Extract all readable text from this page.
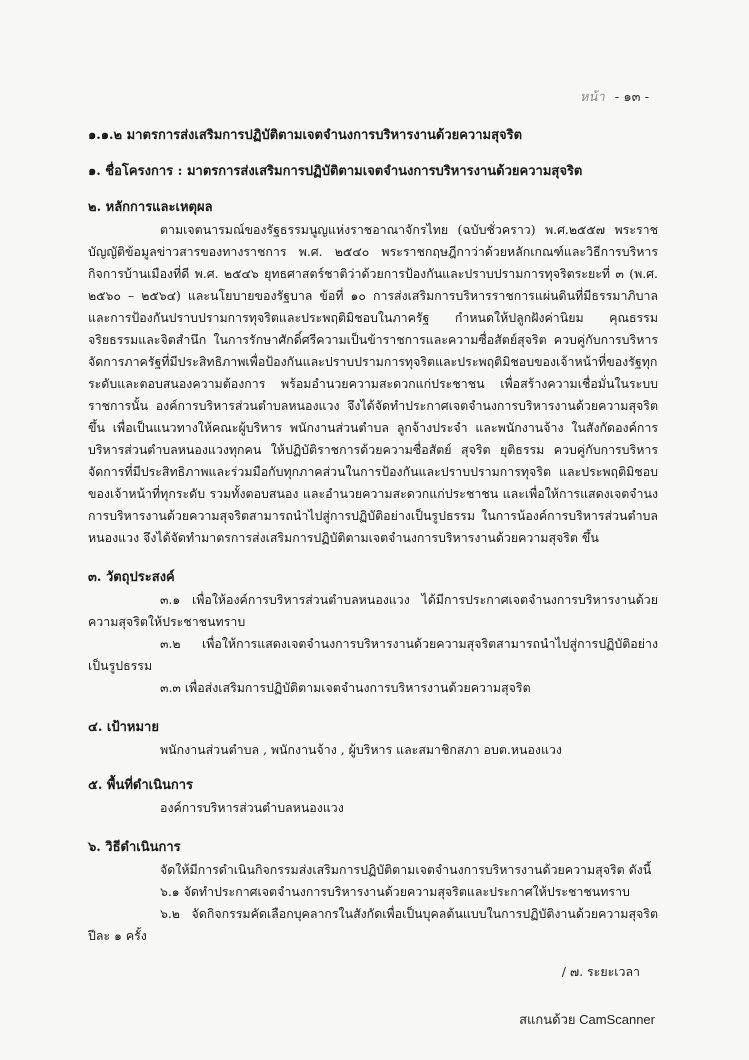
หน้า - ๑๓ -
๑.๑.๒ มาตรการส่งเสริมการปฏิบัติตามเจตจำนงการบริหารงานด้วยความสุจริต
๑. ชื่อโครงการ : มาตรการส่งเสริมการปฏิบัติตามเจตจำนงการบริหารงานด้วยความสุจริต
๒. หลักการและเหตุผล
ตามเจตนารมณ์ของรัฐธรรมนูญแห่งราชอาณาจักรไทย (ฉบับชั่วคราว) พ.ศ.๒๕๕๗ พระราชบัญญัติข้อมูลข่าวสารของทางราชการ พ.ศ. ๒๕๔๐ พระราชกฤษฎีกาว่าด้วยหลักเกณฑ์และวิธีการบริหารกิจการบ้านเมืองที่ดี พ.ศ. ๒๕๔๖ ยุทธศาสตร์ชาติว่าด้วยการป้องกันและปราบปรามการทุจริตระยะที่ ๓ (พ.ศ. ๒๕๖๐ – ๒๕๖๔) และนโยบายของรัฐบาล ข้อที่ ๑๐ การส่งเสริมการบริหารราชการแผ่นดินที่มีธรรมาภิบาลและการป้องกันปราบปรามการทุจริตและประพฤติมิชอบในภาครัฐ กำหนดให้ปลูกฝังค่านิยม คุณธรรม จริยธรรมและจิตสำนึก ในการรักษาศักดิ์ศรีความเป็นข้าราชการและความซื่อสัตย์สุจริต ควบคู่กับการบริหารจัดการภาครัฐที่มีประสิทธิภาพเพื่อป้องกันและปราบปรามการทุจริตและประพฤติมิชอบของเจ้าหน้าที่ของรัฐทุกระดับและตอบสนองความต้องการ พร้อมอำนวยความสะดวกแก่ประชาชน เพื่อสร้างความเชื่อมั่นในระบบราชการนั้น องค์การบริหารส่วนตำบลหนองแวง จึงได้จัดทำประกาศเจตจำนงการบริหารงานด้วยความสุจริต ขึ้น เพื่อเป็นแนวทางให้คณะผู้บริหาร พนักงานส่วนตำบล ลูกจ้างประจำ และพนักงานจ้าง ในสังกัดองค์การบริหารส่วนตำบลหนองแวงทุกคน ให้ปฏิบัติราชการด้วยความซื่อสัตย์ สุจริต ยุติธรรม ควบคู่กับการบริหารจัดการที่มีประสิทธิภาพและร่วมมือกับทุกภาคส่วนในการป้องกันและปราบปรามการทุจริต และประพฤติมิชอบของเจ้าหน้าที่ทุกระดับ รวมทั้งตอบสนอง และอำนวยความสะดวกแก่ประชาชน และเพื่อให้การแสดงเจตจำนงการบริหารงานด้วยความสุจริตสามารถนำไปสู่การปฏิบัติอย่างเป็นรูปธรรม ในการน้องค์การบริหารส่วนตำบลหนองแวง จึงได้จัดทำมาตรการส่งเสริมการปฏิบัติตามเจตจำนงการบริหารงานด้วยความสุจริต ขึ้น
๓. วัตถุประสงค์
๓.๑ เพื่อให้องค์การบริหารส่วนตำบลหนองแวง ได้มีการประกาศเจตจำนงการบริหารงานด้วยความสุจริตให้ประชาชนทราบ
๓.๒ เพื่อให้การแสดงเจตจำนงการบริหารงานด้วยความสุจริตสามารถนำไปสู่การปฏิบัติอย่างเป็นรูปธรรม
๓.๓ เพื่อส่งเสริมการปฏิบัติตามเจตจำนงการบริหารงานด้วยความสุจริต
๔. เป้าหมาย
พนักงานส่วนตำบล , พนักงานจ้าง , ผู้บริหาร และสมาชิกสภา อบต.หนองแวง
๕. พื้นที่ดำเนินการ
องค์การบริหารส่วนตำบลหนองแวง
๖. วิธีดำเนินการ
จัดให้มีการดำเนินกิจกรรมส่งเสริมการปฏิบัติตามเจตจำนงการบริหารงานด้วยความสุจริต ดังนี้
๖.๑ จัดทำประกาศเจตจำนงการบริหารงานด้วยความสุจริตและประกาศให้ประชาชนทราบ
๖.๒ จัดกิจกรรมคัดเลือกบุคลากรในสังกัดเพื่อเป็นบุคลต้นแบบในการปฏิบัติงานด้วยความสุจริตปีละ ๑ ครั้ง
/ ๗. ระยะเวลา
สแกนด้วย CamScanner
